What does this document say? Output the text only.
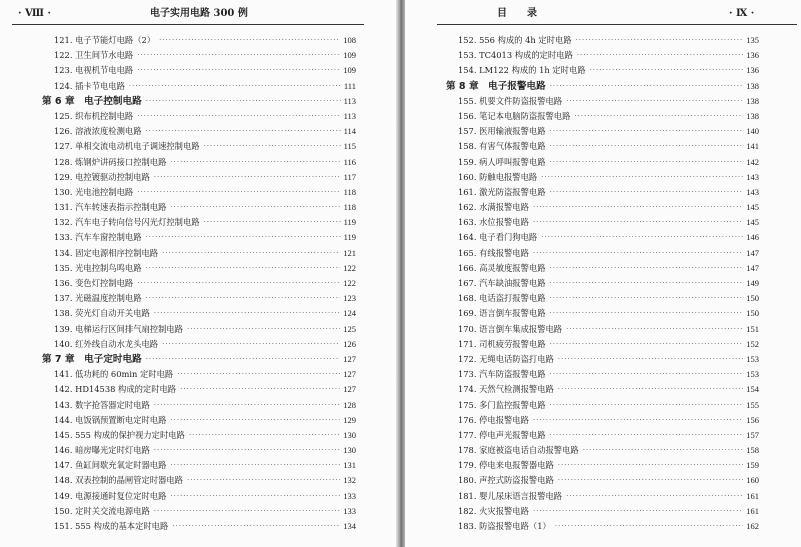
· Ⅷ ·	电子实用电路 300 例
121. 电子节能灯电路（2） ·····	108
122. 卫生间节水电路 ·····	109
123. 电视机节电电路 ·····	109
124. 插卡节电电路 ·····	111
第 6 章　电子控制电路 ·····	113
125. 织布机控制电路 ·····	113
126. 溶液浓度检测电路 ·····	114
127. 单相交流电动机电子调速控制电路 ·····	115
128. 炼钢炉讲码接口控制电路 ·····	116
129. 电控镀驱动控制电路 ·····	117
130. 光电池控制电路 ·····	118
131. 汽车转速表指示控制电路 ·····	118
132. 汽车电子转向信号闪光灯控制电路 ·····	119
133. 汽车车窗控制电路 ·····	119
134. 固定电源相序控制电路 ·····	121
135. 光电控制鸟鸣电路 ·····	122
136. 变色灯控制电路 ·····	122
137. 光磁温度控制电路 ·····	123
138. 荧光灯自动开关电路 ·····	124
139. 电梯运行区间排气扇控制电路 ·····	125
140. 红外线自动水龙头电路 ·····	126
第 7 章　电子定时电路 ·····	127
141. 低功耗的 60min 定时电路 ·····	127
142. HD14538 构成的定时电路 ·····	127
143. 数字抢答器定时电路 ·····	128
144. 电饭锅预置断电定时电路 ·····	129
145. 555 构成的保护视力定时电路 ·····	130
146. 暗房曝光定时灯电路 ·····	130
147. 鱼缸间歇充氧定时器电路 ·····	131
148. 双表控制的晶闸管定时器电路 ·····	132
149. 电源接通时复位定时电路 ·····	133
150. 定时关交流电源电路 ·····	133
151. 555 构成的基本定时电路 ·····	134
目　　录	· Ⅸ ·
152. 556 构成的 4h 定时电路 ·····	135
153. TC4013 构成的定时电路 ·····	136
154. LM122 构成的 1h 定时电路 ·····	136
第 8 章　电子报警电路 ·····	138
155. 机要文件防盗报警电路 ·····	138
156. 笔记本电脑防盗报警电路 ·····	138
157. 医用输液报警电路 ·····	140
158. 有害气体报警电路 ·····	141
159. 病人呼叫报警电路 ·····	142
160. 防触电报警电路 ·····	143
161. 激光防盗报警电路 ·····	143
162. 水满报警电路 ·····	145
163. 水位报警电路 ·····	145
164. 电子看门狗电路 ·····	146
165. 有线报警电路 ·····	147
166. 高灵敏度报警电路 ·····	147
167. 汽车缺油报警电路 ·····	149
168. 电话盗打报警电路 ·····	150
169. 语言倒车报警电路 ·····	150
170. 语言倒车集成报警电路 ·····	151
171. 司机疲劳报警电路 ·····	152
172. 无绳电话防盗打电路 ·····	153
173. 汽车防盗报警电路 ·····	153
174. 天然气检测报警电路 ·····	154
175. 多门监控报警电路 ·····	155
176. 停电报警电路 ·····	156
177. 停电声光报警电路 ·····	157
178. 家庭被盗电话自动报警电路 ·····	158
179. 停电来电报警器电路 ·····	159
180. 声控式防盗报警电路 ·····	160
181. 婴儿尿床语言报警电路 ·····	161
182. 火灾报警电路 ·····	161
183. 防盗报警电路（1） ·····	162
